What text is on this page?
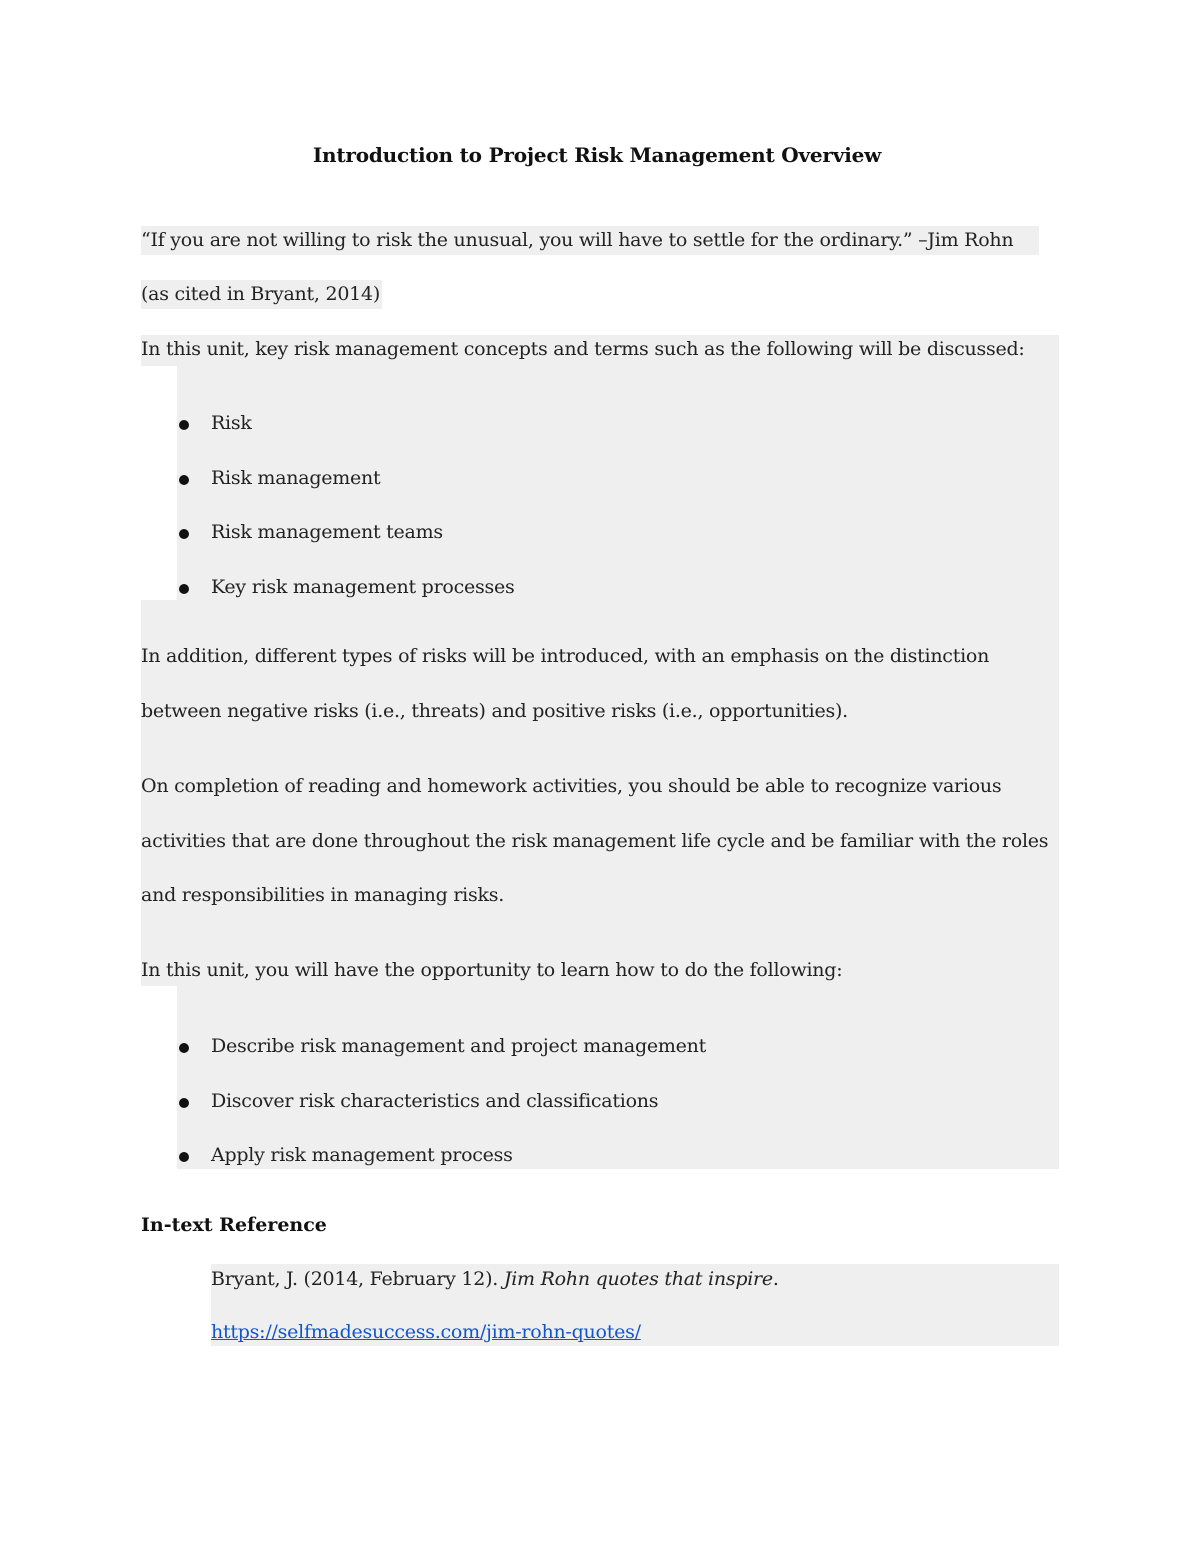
Introduction to Project Risk Management Overview
“If you are not willing to risk the unusual, you will have to settle for the ordinary.” –Jim Rohn
(as cited in Bryant, 2014)
In this unit, key risk management concepts and terms such as the following will be discussed:
Risk
Risk management
Risk management teams
Key risk management processes
In addition, different types of risks will be introduced, with an emphasis on the distinction
between negative risks (i.e., threats) and positive risks (i.e., opportunities).
On completion of reading and homework activities, you should be able to recognize various
activities that are done throughout the risk management life cycle and be familiar with the roles
and responsibilities in managing risks.
In this unit, you will have the opportunity to learn how to do the following:
Describe risk management and project management
Discover risk characteristics and classifications
Apply risk management process
In-text Reference
Bryant, J. (2014, February 12). Jim Rohn quotes that inspire.
https://selfmadesuccess.com/jim-rohn-quotes/
